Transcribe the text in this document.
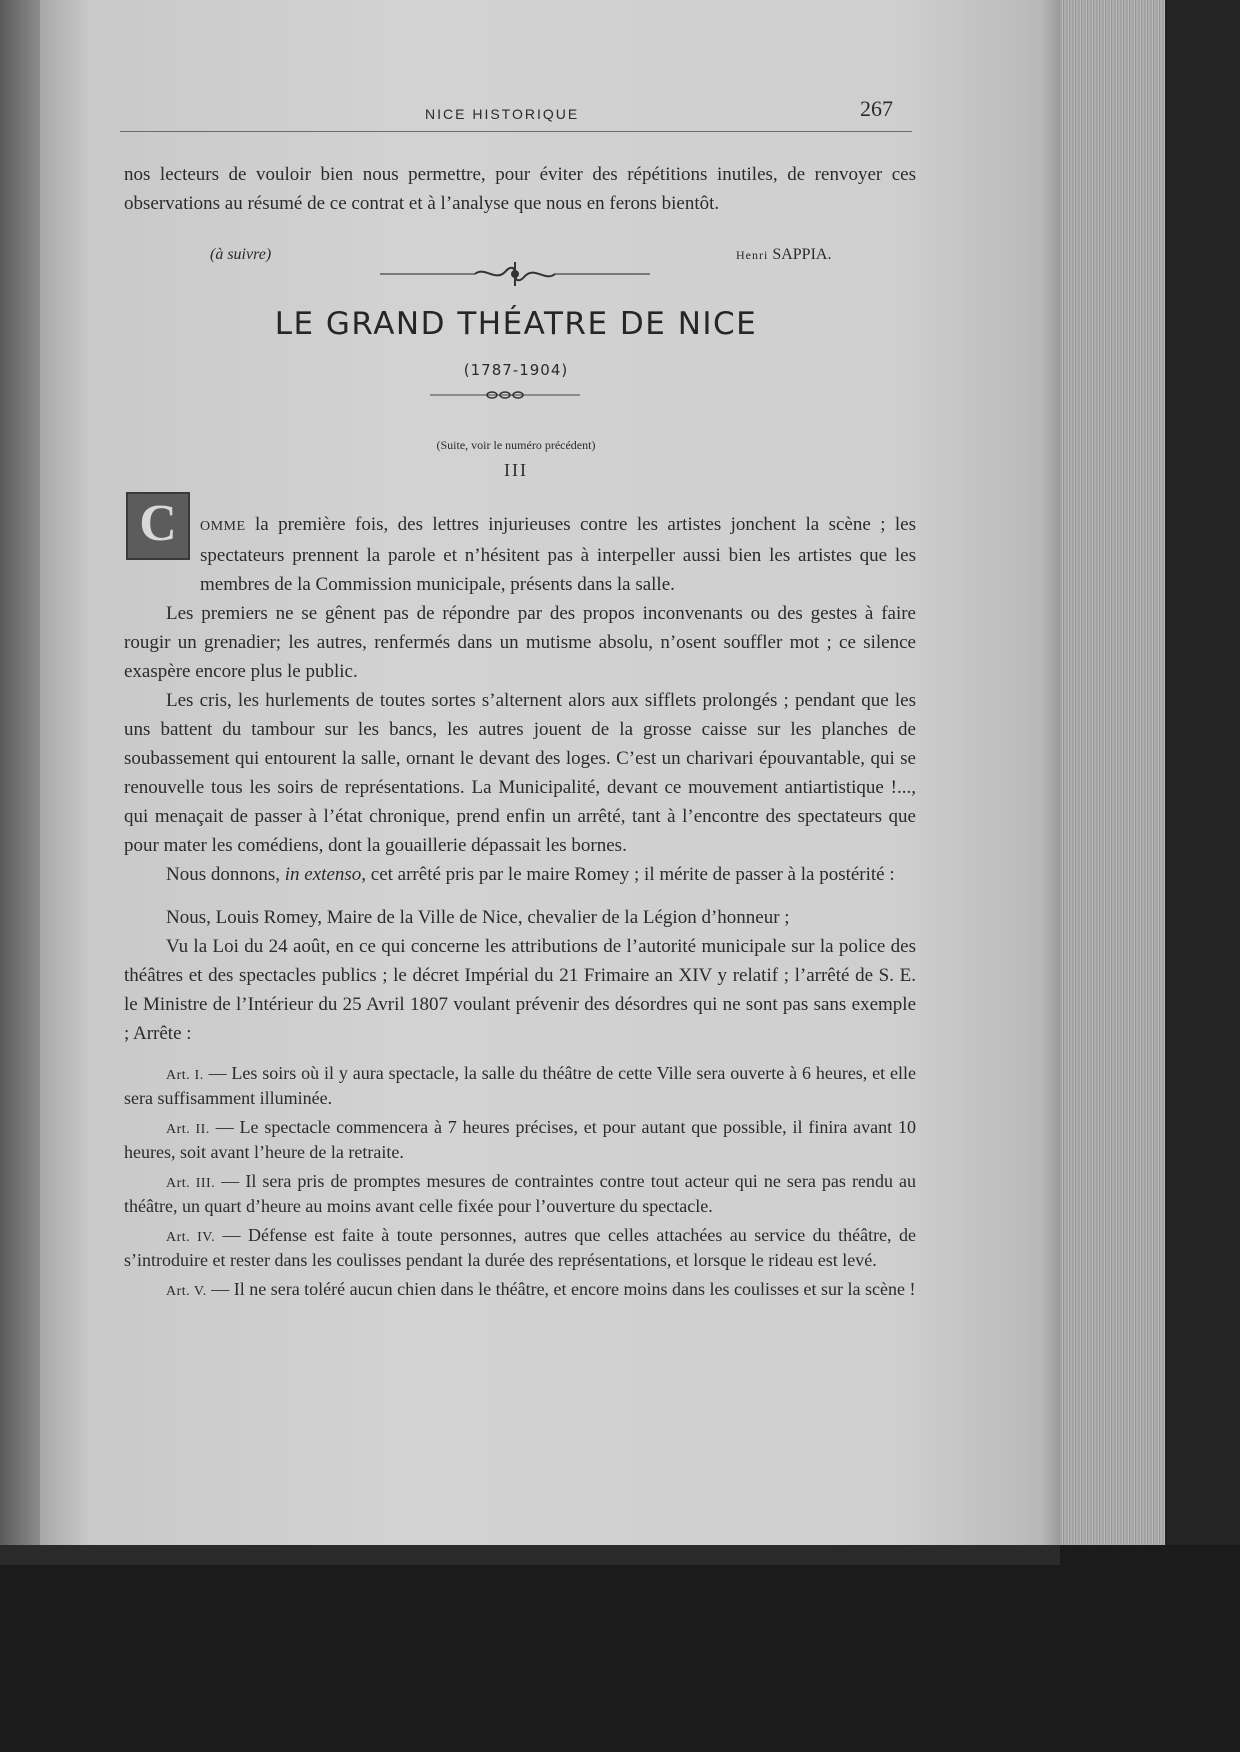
NICE HISTORIQUE	267

nos lecteurs de vouloir bien nous permettre, pour éviter des répétitions inutiles, de renvoyer ces observations au résumé de ce contrat et à l’analyse que nous en ferons bientôt.

(à suivre)	Henri SAPPIA.
LE GRAND THÉATRE DE NICE
(1787-1904)
(Suite, voir le numéro précédent)
III
C	OMME la première fois, des lettres injurieuses contre les artistes jonchent la scène ; les spectateurs prennent la parole et n’hésitent pas à interpeller aussi bien les artistes que les membres de la Commission municipale, présents dans la salle.

Les premiers ne se gênent pas de répondre par des propos inconvenants ou des gestes à faire rougir un grenadier; les autres, renfermés dans un mutisme absolu, n’osent souffler mot ; ce silence exaspère encore plus le public.

Les cris, les hurlements de toutes sortes s’alternent alors aux sifflets prolongés ; pendant que les uns battent du tambour sur les bancs, les autres jouent de la grosse caisse sur les planches de soubassement qui entourent la salle, ornant le devant des loges. C’est un charivari épouvantable, qui se renouvelle tous les soirs de représentations. La Municipalité, devant ce mouvement antiartistique !..., qui menaçait de passer à l’état chronique, prend enfin un arrêté, tant à l’encontre des spectateurs que pour mater les comédiens, dont la gouaillerie dépassait les bornes.

Nous donnons, in extenso, cet arrêté pris par le maire Romey ; il mérite de passer à la postérité :

Nous, Louis Romey, Maire de la Ville de Nice, chevalier de la Légion d’honneur ;

Vu la Loi du 24 août, en ce qui concerne les attributions de l’autorité municipale sur la police des théâtres et des spectacles publics ; le décret Impérial du 21 Frimaire an XIV y relatif ; l’arrêté de S. E. le Ministre de l’Intérieur du 25 Avril 1807 voulant prévenir des désordres qui ne sont pas sans exemple ; Arrête :

Art. I. — Les soirs où il y aura spectacle, la salle du théâtre de cette Ville sera ouverte à 6 heures, et elle sera suffisamment illuminée.

Art. II. — Le spectacle commencera à 7 heures précises, et pour autant que possible, il finira avant 10 heures, soit avant l’heure de la retraite.

Art. III. — Il sera pris de promptes mesures de contraintes contre tout acteur qui ne sera pas rendu au théâtre, un quart d’heure au moins avant celle fixée pour l’ouverture du spectacle.

Art. IV. — Défense est faite à toute personnes, autres que celles attachées au service du théâtre, de s’introduire et rester dans les coulisses pendant la durée des représentations, et lorsque le rideau est levé.

Art. V. — Il ne sera toléré aucun chien dans le théâtre, et encore moins dans les coulisses et sur la scène !
